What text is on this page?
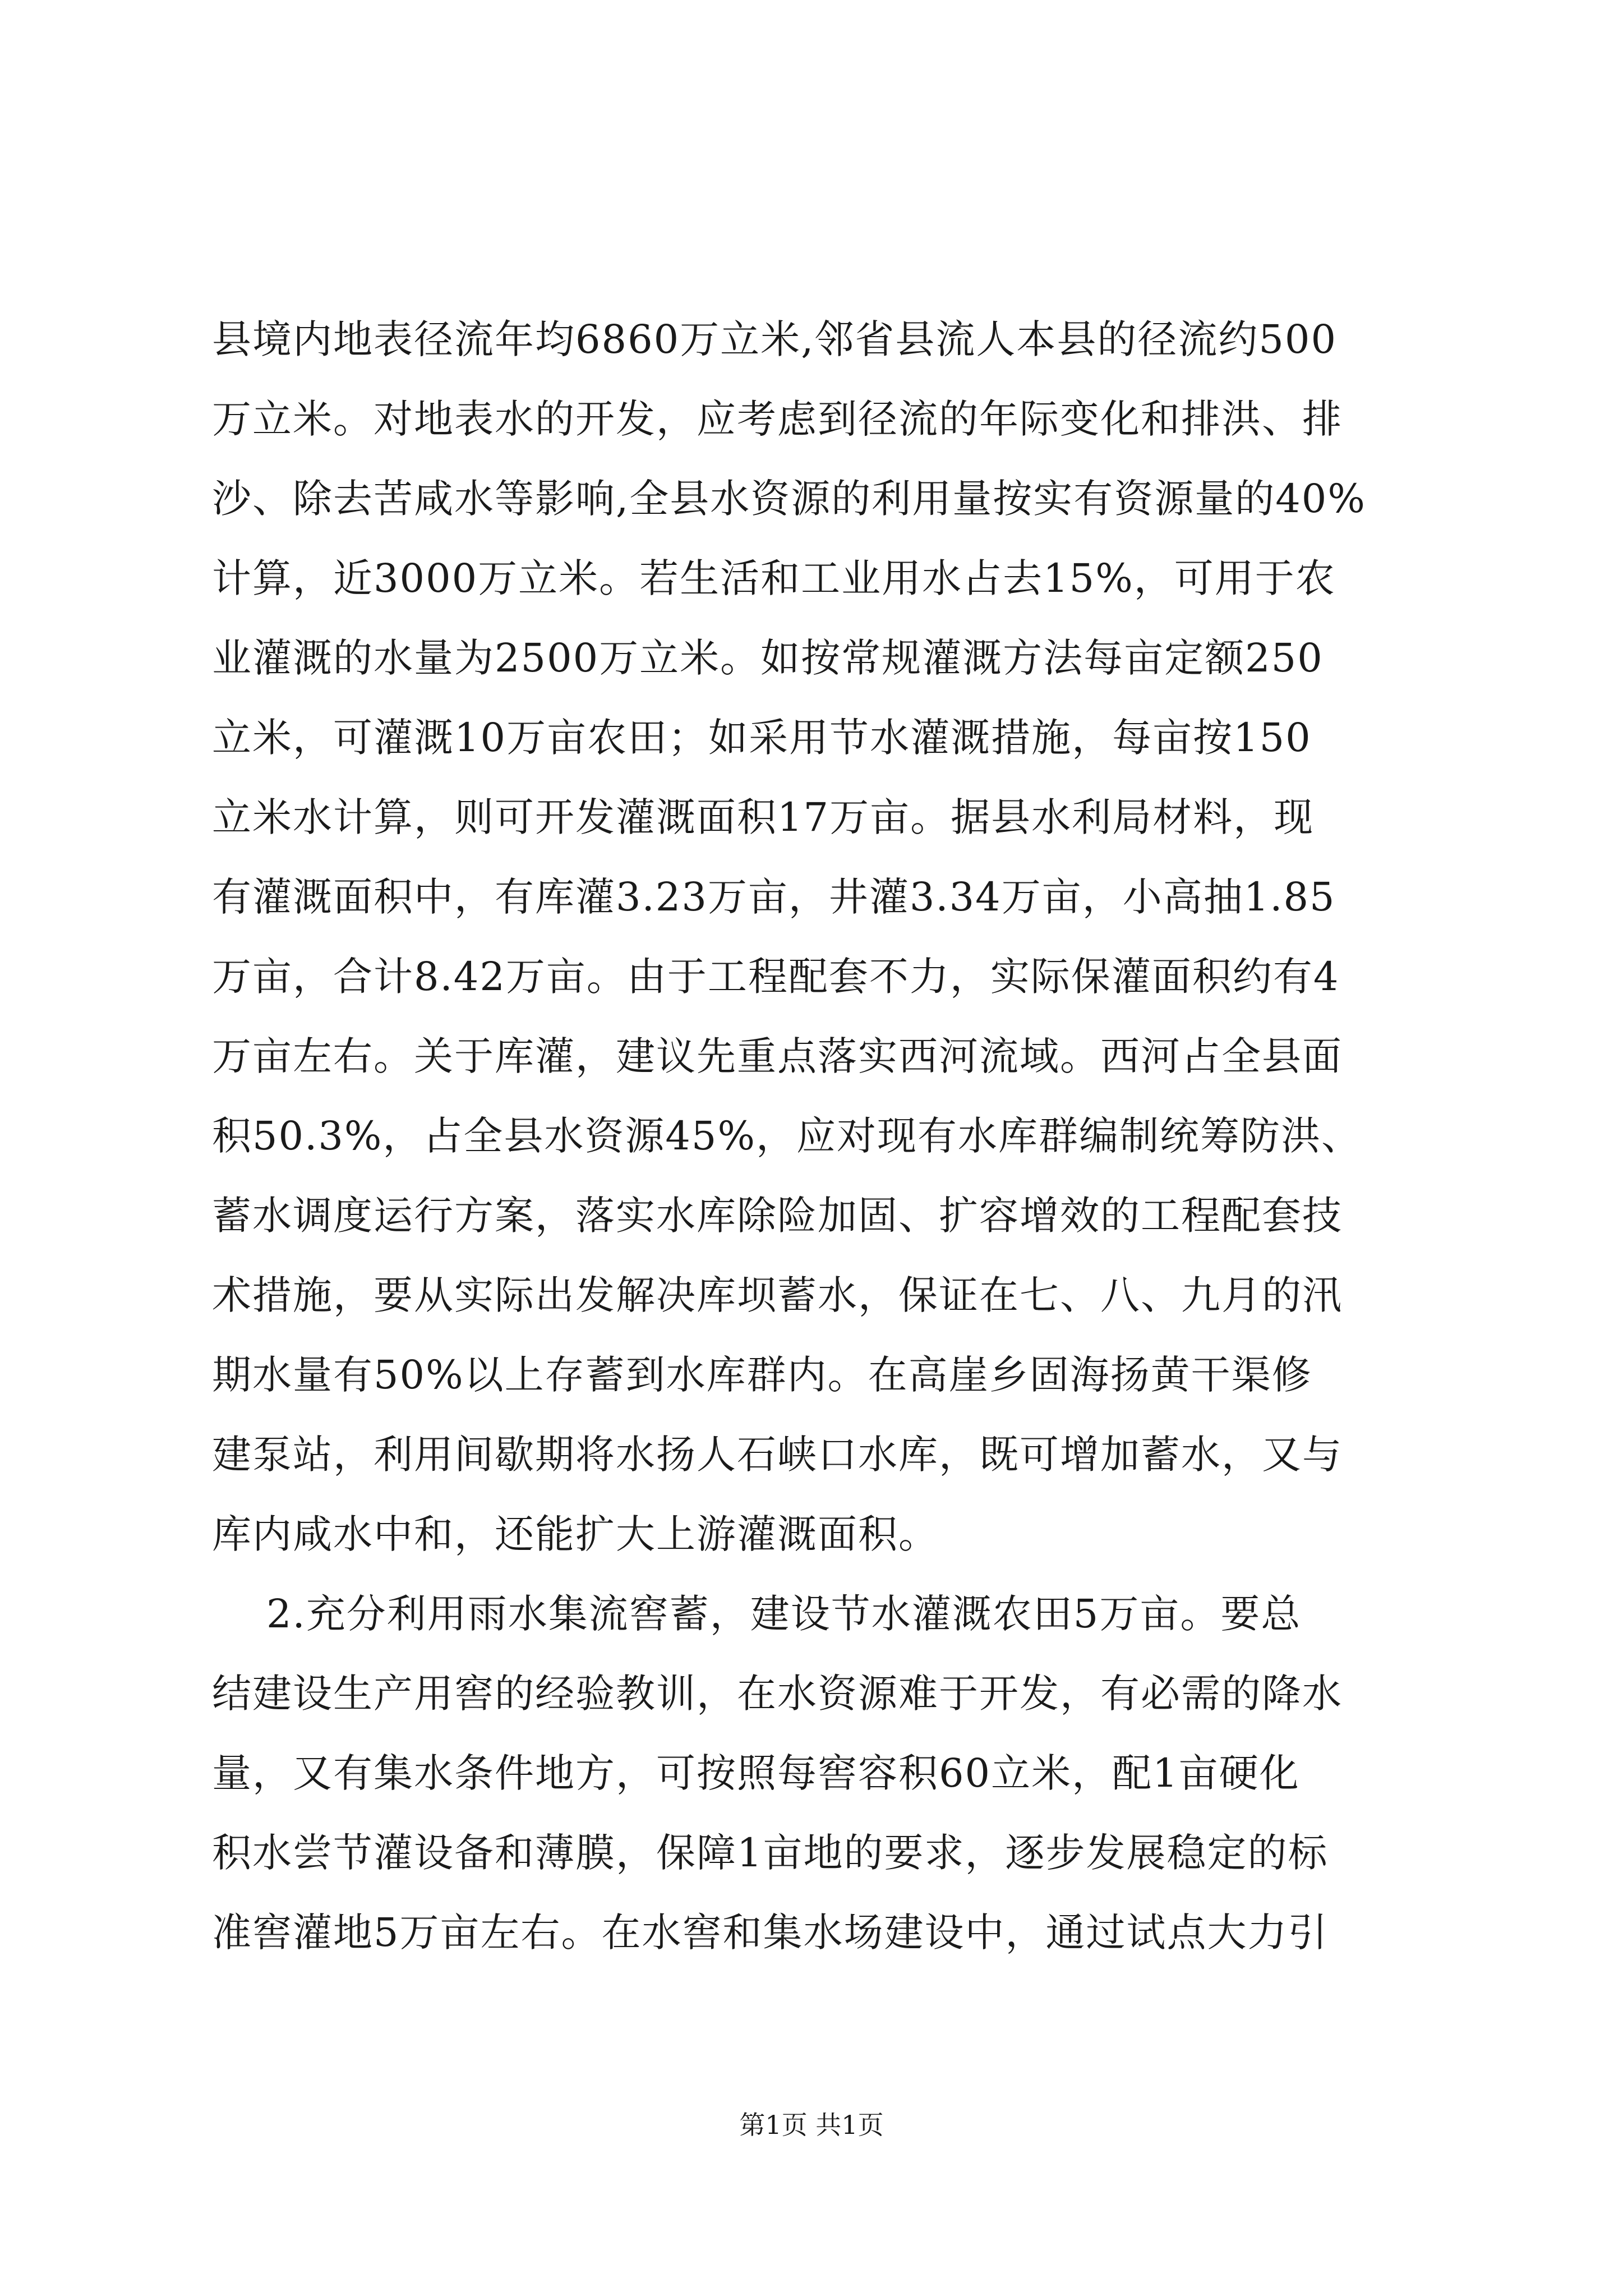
县境内地表径流年均6860万立米,邻省县流人本县的径流约500
万立米。对地表水的开发，应考虑到径流的年际变化和排洪、排
沙、除去苦咸水等影响,全县水资源的利用量按实有资源量的40%
计算，近3000万立米。若生活和工业用水占去15%，可用于农
业灌溉的水量为2500万立米。如按常规灌溉方法每亩定额250
立米，可灌溉10万亩农田；如采用节水灌溉措施，每亩按150
立米水计算，则可开发灌溉面积17万亩。据县水利局材料，现
有灌溉面积中，有库灌3.23万亩，井灌3.34万亩，小高抽1.85
万亩，合计8.42万亩。由于工程配套不力，实际保灌面积约有4
万亩左右。关于库灌，建议先重点落实西河流域。西河占全县面
积50.3%，占全县水资源45%，应对现有水库群编制统筹防洪、
蓄水调度运行方案，落实水库除险加固、扩容增效的工程配套技
术措施，要从实际出发解决库坝蓄水，保证在七、八、九月的汛
期水量有50%以上存蓄到水库群内。在高崖乡固海扬黄干渠修
建泵站，利用间歇期将水扬人石峡口水库，既可增加蓄水，又与
库内咸水中和，还能扩大上游灌溉面积。
2.充分利用雨水集流窖蓄，建设节水灌溉农田5万亩。要总
结建设生产用窖的经验教训，在水资源难于开发，有必需的降水
量，又有集水条件地方，可按照每窖容积60立米，配1亩硬化
积水尝节灌设备和薄膜，保障1亩地的要求，逐步发展稳定的标
准窖灌地5万亩左右。在水窖和集水场建设中，通过试点大力引
第1页 共1页
